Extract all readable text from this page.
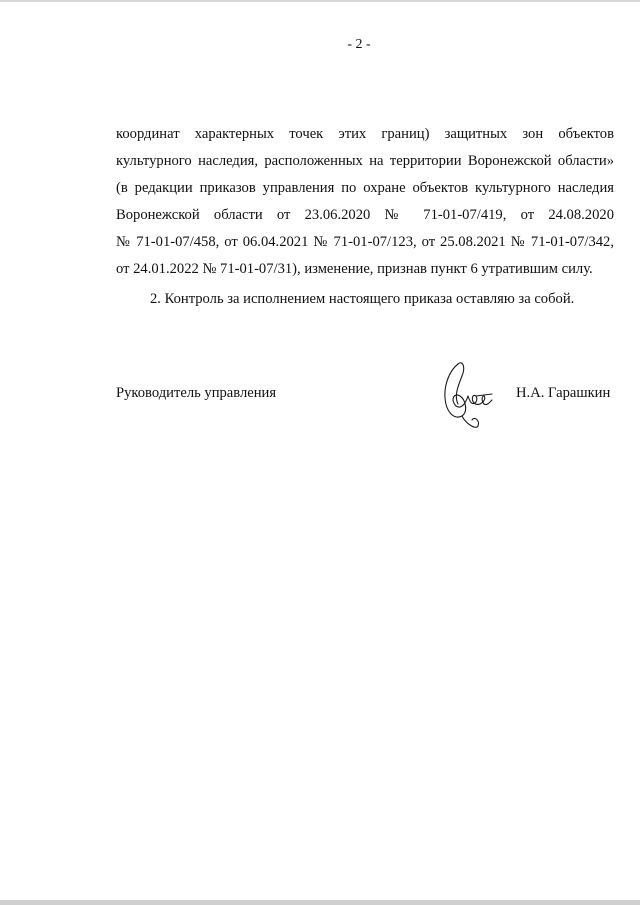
- 2 -
координат характерных точек этих границ) защитных зон объектов
культурного наследия, расположенных на территории Воронежской области»
(в редакции приказов управления по охране объектов культурного наследия
Воронежской области от 23.06.2020 № 71-01-07/419, от 24.08.2020
№ 71-01-07/458, от 06.04.2021 № 71-01-07/123, от 25.08.2021 № 71-01-07/342,
от 24.01.2022 № 71-01-07/31), изменение, признав пункт 6 утратившим силу.
2. Контроль за исполнением настоящего приказа оставляю за собой.
Руководитель управления	Н.А. Гарашкин
